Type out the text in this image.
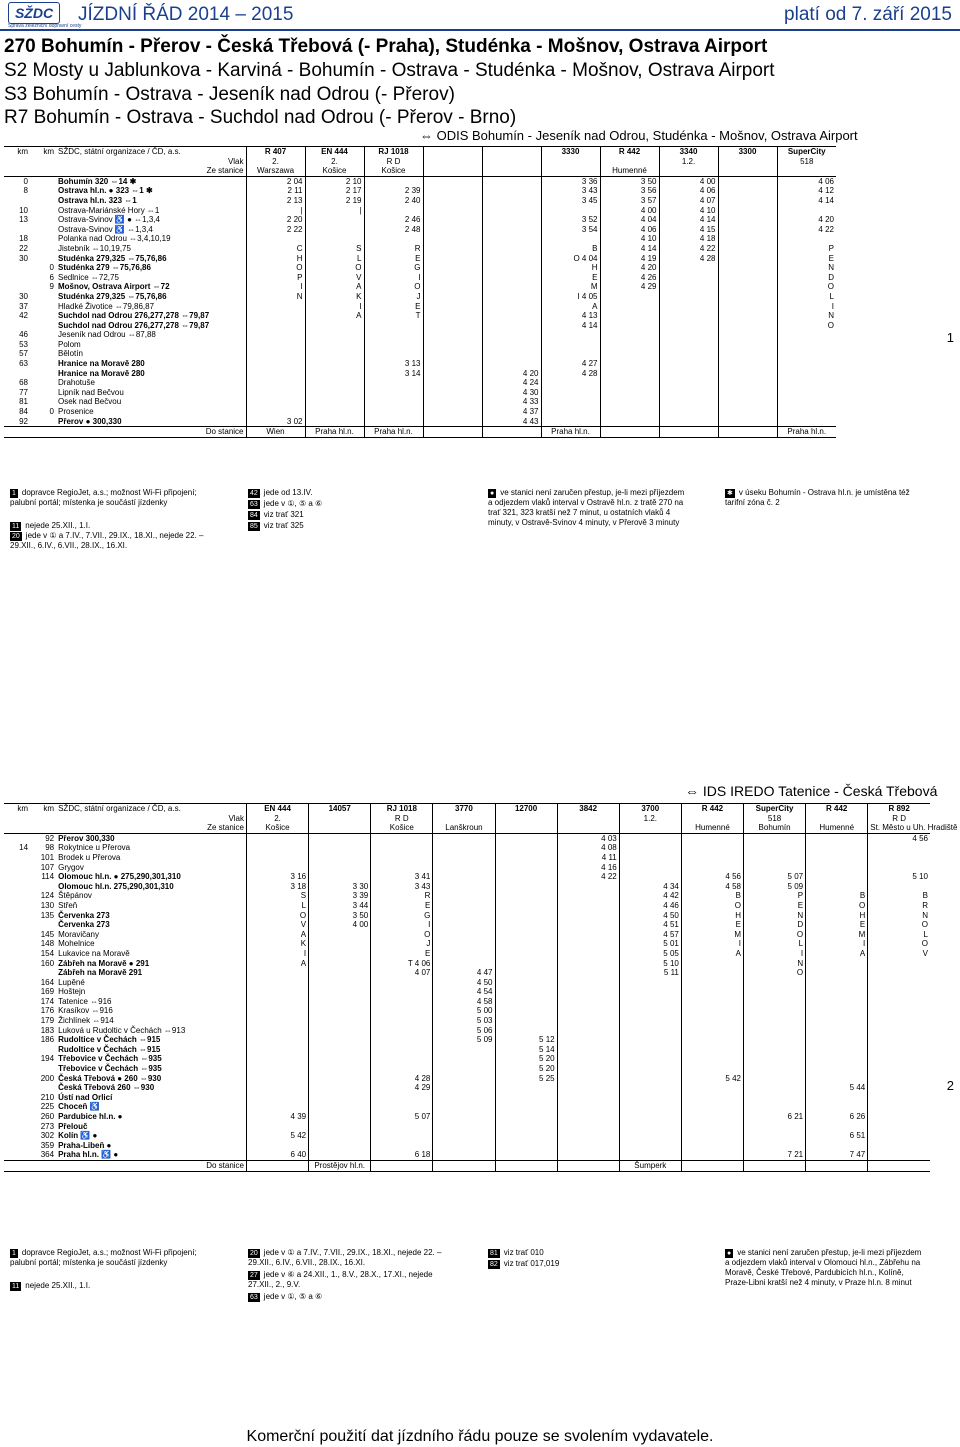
SŽDC
Správa železniční dopravní cesty
JÍZDNÍ ŘÁD 2014 – 2015	platí od 7. září 2015
270 Bohumín - Přerov - Česká Třebová (- Praha), Studénka - Mošnov, Ostrava Airport
S2 Mosty u Jablunkova - Karviná - Bohumín - Ostrava - Studénka - Mošnov, Ostrava Airport
S3 Bohumín - Ostrava - Jeseník nad Odrou (- Přerov)
R7 Bohumín - Ostrava - Suchdol nad Odrou (- Přerov - Brno)
⇔ ODIS Bohumín - Jeseník nad Odrou, Studénka - Mošnov, Ostrava Airport
km	km	SŽDC, státní organizace / ČD, a.s.	R 407	EN 444	RJ 1018			3330	R 442	3340	3300	SuperCity
		Vlak	2.	2.	R D					1.2.		518
		Ze stanice	Warszawa	Košice	Košice				Humenné			
0		Bohumín 320 ⇔14 ✱	2 04	2 10				3 36	3 50	4 00		4 06
8		Ostrava hl.n. ● 323 ⇔1 ✱	2 11	2 17	2 39			3 43	3 56	4 06		4 12
		Ostrava hl.n. 323 ⇔1	2 13	2 19	2 40			3 45	3 57	4 07		4 14
10		Ostrava-Mariánské Hory ⇔1	|	|					4 00	4 10		
13		Ostrava-Svinov ♿ ● ⇔1,3,4	2 20		2 46			3 52	4 04	4 14		4 20
		Ostrava-Svinov ♿ ⇔1,3,4	2 22		2 48			3 54	4 06	4 15		4 22
18		Polanka nad Odrou ⇔3,4,10,19							4 10	4 18		
22		Jistebník ⇔10,19,75	C	S	R			B	4 14	4 22		P
30		Studénka 279,325 ⇔75,76,86	H	L	E			O 4 04	4 19	4 28		E
	0	Studénka 279 ⇔75,76,86	O	O	G			H	4 20			N
	6	Sedlnice ⇔72,75	P	V	I			E	4 26			D
	9	Mošnov, Ostrava Airport ⇔72	I	A	O			M	4 29			O
30		Studénka 279,325 ⇔75,76,86	N	K	J			I 4 05				L
37		Hladké Životice ⇔79,86,87		I	E			A				I
42		Suchdol nad Odrou 276,277,278 ⇔79,87		A	T			4 13				N
		Suchdol nad Odrou 276,277,278 ⇔79,87						4 14				O
46		Jeseník nad Odrou ⇔87,88										
53		Polom										
57		Bělotín										
63		Hranice na Moravě 280			3 13			4 27				
		Hranice na Moravě 280			3 14		4 20	4 28				
68		Drahotuše					4 24					
77		Lipník nad Bečvou					4 30					
81		Osek nad Bečvou					4 33					
84	0	Prosenice					4 37					
92		Přerov ● 300,330	3 02				4 43					
		Do stanice	Wien	Praha hl.n.	Praha hl.n.			Praha hl.n.				Praha hl.n.
1 dopravce RegioJet, a.s.; možnost Wi-Fi připojení; palubní portál; místenka je součástí jízdenky
11 nejede 25.XII., 1.I.
20 jede v ① a 7.IV., 7.VII., 29.IX., 18.XI., nejede 22. – 29.XII., 6.IV., 6.VII., 28.IX., 16.XI.
42 jede od 13.IV.
63 jede v ①, ⑤ a ⑥
84 viz trať 321
85 viz trať 325
● ve stanici není zaručen přestup, je-li mezi příjezdem a odjezdem vlaků interval v Ostravě hl.n. z tratě 270 na trať 321, 323 kratší než 7 minut, u ostatních vlaků 4 minuty, v Ostravě-Svinov 4 minuty, v Přerově 3 minuty
✱ v úseku Bohumín - Ostrava hl.n. je umístěna též tarifní zóna č. 2
1
⇔ IDS IREDO Tatenice - Česká Třebová
km	km	SŽDC, státní organizace / ČD, a.s.	EN 444	14057	RJ 1018	3770	12700	3842	3700	R 442	SuperCity	R 442	R 892
		Vlak	2.		R D				1.2.		518		R D
		Ze stanice	Košice		Košice	Lanškroun				Humenné	Bohumín	Humenné	St. Město u Uh. Hradiště
	92	Přerov 300,330						4 03					4 56
14	98	Rokytnice u Přerova						4 08					
	101	Brodek u Přerova						4 11					
	107	Grygov						4 16					
	114	Olomouc hl.n. ● 275,290,301,310	3 16		3 41			4 22		4 56	5 07		5 10
		Olomouc hl.n. 275,290,301,310	3 18	3 30	3 43				4 34	4 58	5 09		
	124	Štěpánov	S	3 39	R				4 42	B	P	B	B
	130	Střeň	L	3 44	E				4 46	O	E	O	R
	135	Červenka 273	O	3 50	G				4 50	H	N	H	N
		Červenka 273	V	4 00	I				4 51	E	D	E	O
	145	Moravičany	A		O				4 57	M	O	M	L
	148	Mohelnice	K		J				5 01	I	L	I	O
	154	Lukavice na Moravě	I		E				5 05	A	I	A	V
	160	Zábřeh na Moravě ● 291	A		T 4 06				5 10		N		
		Zábřeh na Moravě 291			4 07	4 47			5 11		O		
	164	Lupěné				4 50							
	169	Hoštejn				4 54							
	174	Tatenice ⇔916				4 58							
	176	Krasíkov ⇔916				5 00							
	179	Žichlínek ⇔914				5 03							
	183	Luková u Rudoltic v Čechách ⇔913				5 06							
	186	Rudoltice v Čechách ⇔915				5 09	5 12						
		Rudoltice v Čechách ⇔915					5 14						
	194	Třebovice v Čechách ⇔935					5 20						
		Třebovice v Čechách ⇔935					5 20						
	200	Česká Třebová ● 260 ⇔930			4 28		5 25			5 42			
		Česká Třebová 260 ⇔930			4 29							5 44	
	210	Ústí nad Orlicí											
	225	Choceň ♿											
	260	Pardubice hl.n. ●	4 39		5 07						6 21	6 26	
	273	Přelouč											
	302	Kolín ♿ ●	5 42									6 51	
	359	Praha-Libeň ●											
	364	Praha hl.n. ♿ ●	6 40		6 18						7 21	7 47	
		Do stanice		Prostějov hl.n.					Šumperk				
1 dopravce RegioJet, a.s.; možnost Wi-Fi připojení; palubní portál; místenka je součástí jízdenky
11 nejede 25.XII., 1.I.
20 jede v ① a 7.IV., 7.VII., 29.IX., 18.XI., nejede 22. – 29.XII., 6.IV., 6.VII., 28.IX., 16.XI.
27 jede v ⑥ a 24.XII., 1., 8.V., 28.X., 17.XI., nejede 27.XII., 2., 9.V.
63 jede v ①, ⑤ a ⑥
81 viz trať 010
82 viz trať 017,019
● ve stanici není zaručen přestup, je-li mezi příjezdem a odjezdem vlaků interval v Olomouci hl.n., Zábřehu na Moravě, České Třebové, Pardubicích hl.n., Kolíně, Praze-Libni kratší než 4 minuty, v Praze hl.n. 8 minut
2
Komerční použití dat jízdního řádu pouze se svolením vydavatele.
